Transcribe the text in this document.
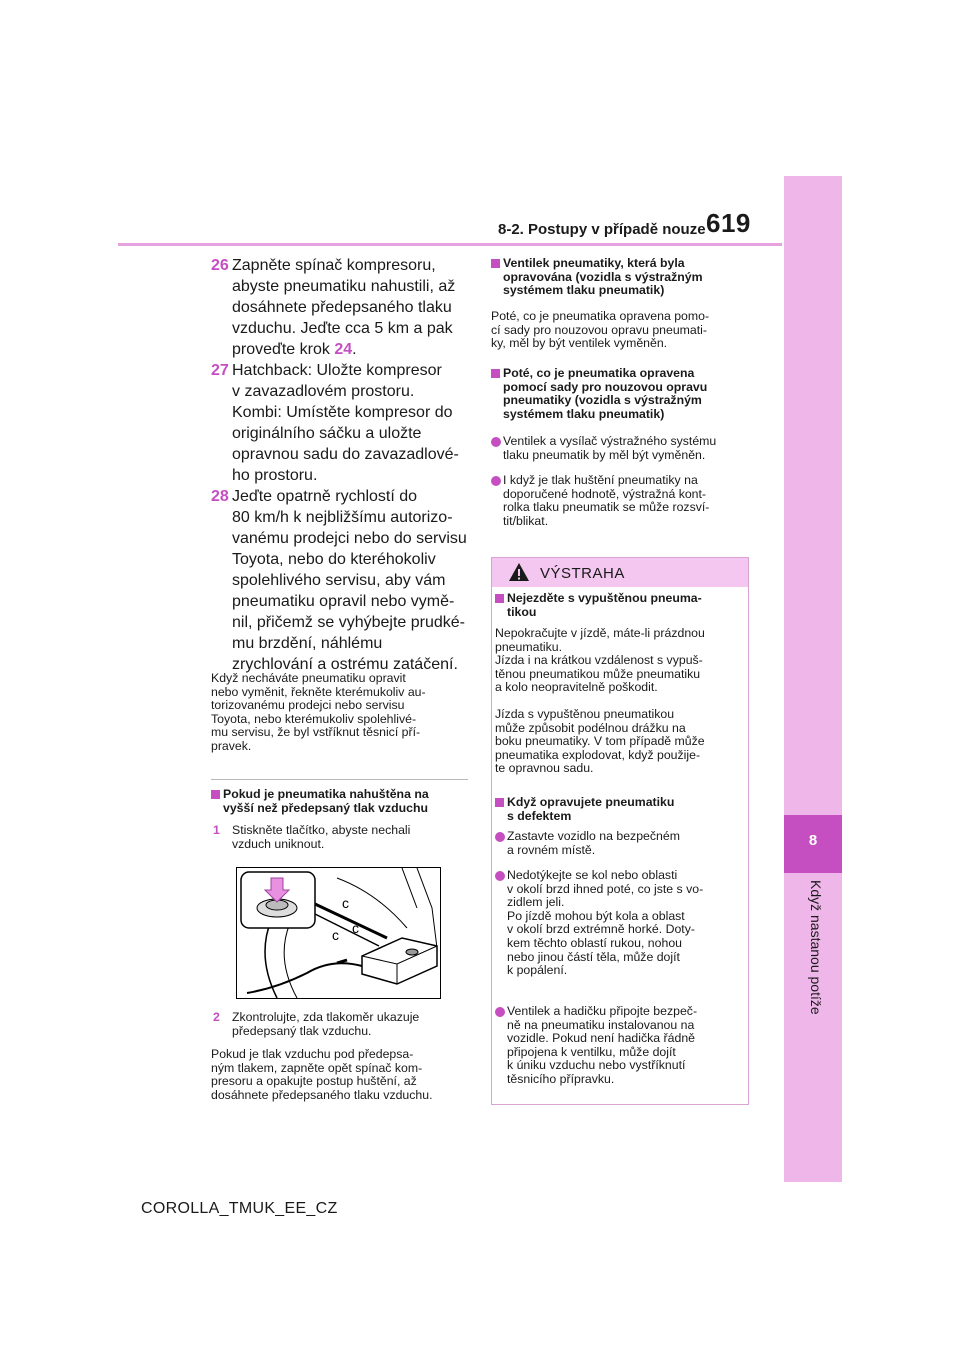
619
8-2. Postupy v případě nouze
8
Když nastanou potíže
26 Zapněte spínač kompresoru,

abyste pneumatiku nahustili, až

dosáhnete předepsaného tlaku

vzduchu. Jeďte cca 5 km a pak

proveďte krok 24.

27 Hatchback: Uložte kompresor

v zavazadlovém prostoru.

Kombi: Umístěte kompresor do

originálního sáčku a uložte

opravnou sadu do zavazadlové-

ho prostoru.

28 Jeďte opatrně rychlostí do

80 km/h k nejbližšímu autorizo-

vanému prodejci nebo do servisu

Toyota, nebo do kteréhokoliv

spolehlivého servisu, aby vám

pneumatiku opravil nebo vymě-

nil, přičemž se vyhýbejte prudké-

mu brzdění, náhlému

zrychlování a ostrému zatáčení.

Když necháváte pneumatiku opravit

nebo vyměnit, řekněte kterémukoliv au-

torizovanému prodejci nebo servisu

Toyota, nebo kterémukoliv spolehlivé-

mu servisu, že byl vstříknut těsnicí pří-

pravek.

Pokud je pneumatika nahuštěna na

vyšší než předepsaný tlak vzduchu

1 Stiskněte tlačítko, abyste nechali

vzduch uniknout.

c c
c
2 Zkontrolujte, zda tlakoměr ukazuje

předepsaný tlak vzduchu.

Pokud je tlak vzduchu pod předepsa-

ným tlakem, zapněte opět spínač kom-

presoru a opakujte postup huštění, až

dosáhnete předepsaného tlaku vzduchu.

Ventilek pneumatiky, která byla

opravována (vozidla s výstražným

systémem tlaku pneumatik)

Poté, co je pneumatika opravena pomo-

cí sady pro nouzovou opravu pneumati-

ky, měl by být ventilek vyměněn.

Poté, co je pneumatika opravena

pomocí sady pro nouzovou opravu

pneumatiky (vozidla s výstražným

systémem tlaku pneumatik)

Ventilek a vysílač výstražného systému

tlaku pneumatik by měl být vyměněn.

I když je tlak huštění pneumatiky na

doporučené hodnotě, výstražná kont-

rolka tlaku pneumatik se může rozsví-

tit/blikat.

VÝSTRAHA

Nejezděte s vypuštěnou pneuma-

tikou

Nepokračujte v jízdě, máte-li prázdnou

pneumatiku.

Jízda i na krátkou vzdálenost s vypuš-

těnou pneumatikou může pneumatiku

a kolo neopravitelně poškodit.

Jízda s vypuštěnou pneumatikou

může způsobit podélnou drážku na

boku pneumatiky. V tom případě může

pneumatika explodovat, když použije-

te opravnou sadu.

Když opravujete pneumatiku

s defektem

Zastavte vozidlo na bezpečném

a rovném místě.

Nedotýkejte se kol nebo oblasti

v okolí brzd ihned poté, co jste s vo-

zidlem jeli.

Po jízdě mohou být kola a oblast

v okolí brzd extrémně horké. Doty-

kem těchto oblastí rukou, nohou

nebo jinou částí těla, může dojít

k popálení.

Ventilek a hadičku připojte bezpeč-

ně na pneumatiku instalovanou na

vozidle. Pokud není hadička řádně

připojena k ventilku, může dojít

k úniku vzduchu nebo vystříknutí

těsnicího přípravku.

COROLLA_TMUK_EE_CZ
